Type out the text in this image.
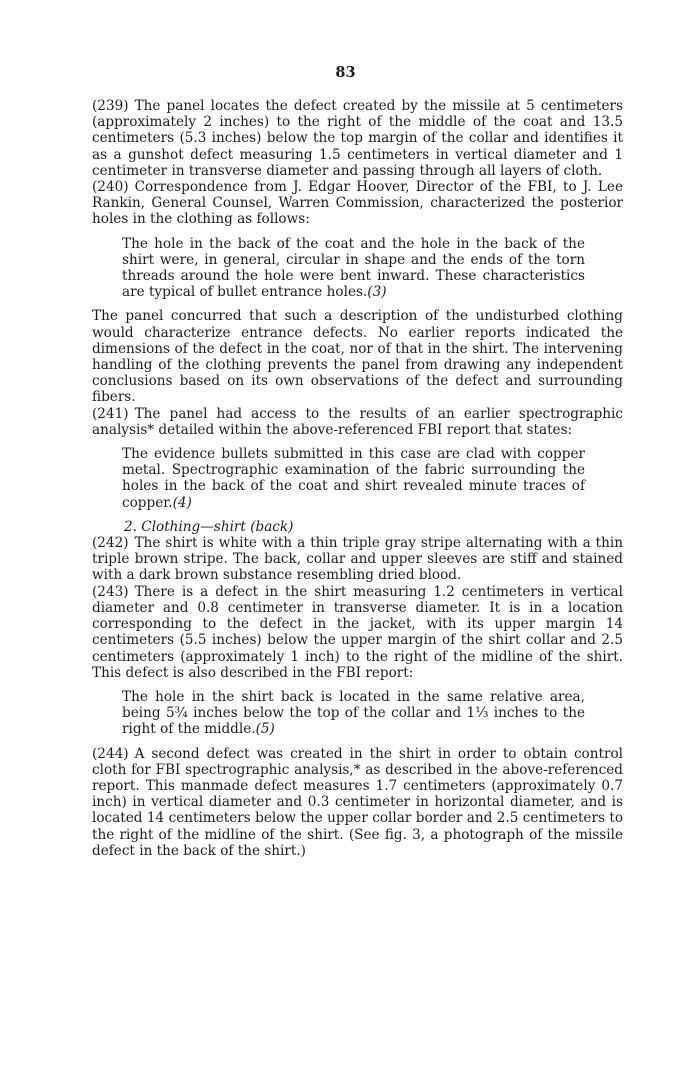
83

(239) The panel locates the defect created by the missile at 5 centimeters (approximately 2 inches) to the right of the middle of the coat and 13.5 centimeters (5.3 inches) below the top margin of the collar and identifies it as a gunshot defect measuring 1.5 centimeters in vertical diameter and 1 centimeter in transverse diameter and passing through all layers of cloth.

(240) Correspondence from J. Edgar Hoover, Director of the FBI, to J. Lee Rankin, General Counsel, Warren Commission, characterized the posterior holes in the clothing as follows:

The hole in the back of the coat and the hole in the back of the shirt were, in general, circular in shape and the ends of the torn threads around the hole were bent inward. These characteristics are typical of bullet entrance holes.(3)

The panel concurred that such a description of the undisturbed clothing would characterize entrance defects. No earlier reports indicated the dimensions of the defect in the coat, nor of that in the shirt. The intervening handling of the clothing prevents the panel from drawing any independent conclusions based on its own observations of the defect and surrounding fibers.

(241) The panel had access to the results of an earlier spectrographic analysis* detailed within the above-referenced FBI report that states:

The evidence bullets submitted in this case are clad with copper metal. Spectrographic examination of the fabric surrounding the holes in the back of the coat and shirt revealed minute traces of copper.(4)

2. Clothing—shirt (back)

(242) The shirt is white with a thin triple gray stripe alternating with a thin triple brown stripe. The back, collar and upper sleeves are stiff and stained with a dark brown substance resembling dried blood.

(243) There is a defect in the shirt measuring 1.2 centimeters in vertical diameter and 0.8 centimeter in transverse diameter. It is in a location corresponding to the defect in the jacket, with its upper margin 14 centimeters (5.5 inches) below the upper margin of the shirt collar and 2.5 centimeters (approximately 1 inch) to the right of the midline of the shirt. This defect is also described in the FBI report:

The hole in the shirt back is located in the same relative area, being 5¾ inches below the top of the collar and 1⅓ inches to the right of the middle.(5)

(244) A second defect was created in the shirt in order to obtain control cloth for FBI spectrographic analysis,* as described in the above-referenced report. This manmade defect measures 1.7 centimeters (approximately 0.7 inch) in vertical diameter and 0.3 centimeter in horizontal diameter, and is located 14 centimeters below the upper collar border and 2.5 centimeters to the right of the midline of the shirt. (See fig. 3, a photograph of the missile defect in the back of the shirt.)
